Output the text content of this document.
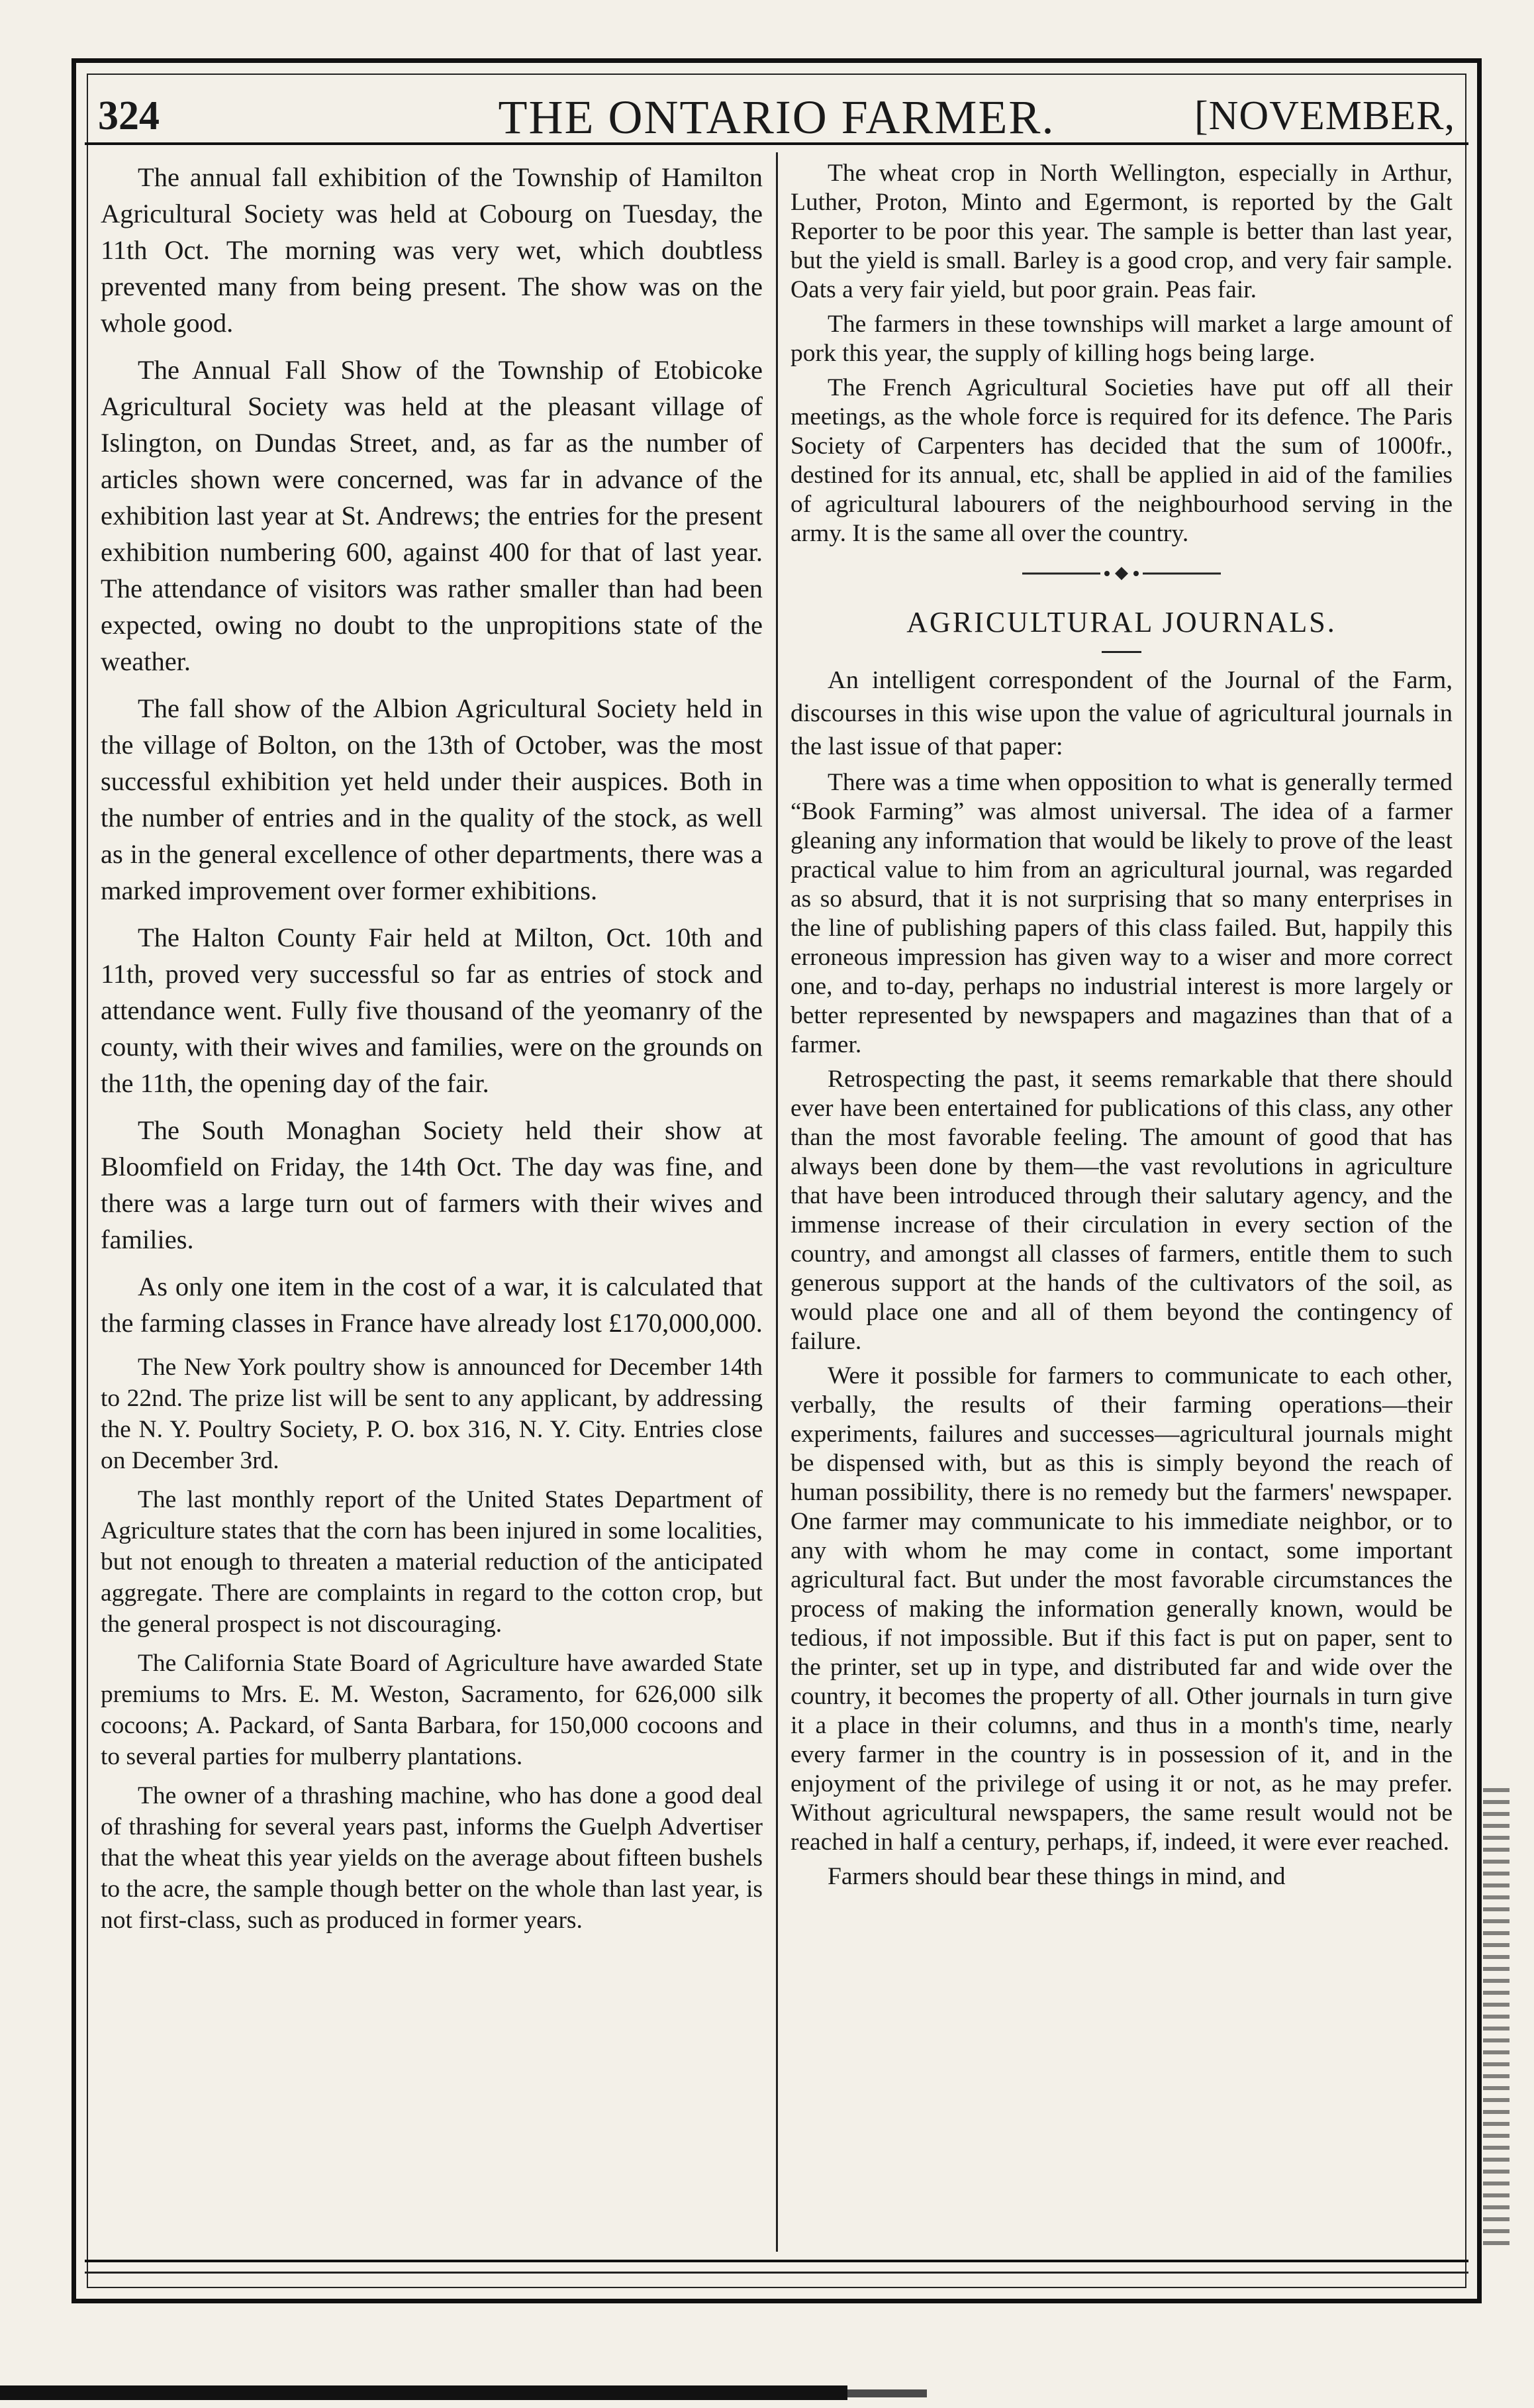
324	THE ONTARIO FARMER.	[NOVEMBER,

The annual fall exhibition of the Township of Hamilton Agricultural Society was held at Cobourg on Tuesday, the 11th Oct. The morning was very wet, which doubtless prevented many from being present. The show was on the whole good.

The Annual Fall Show of the Township of Etobicoke Agricultural Society was held at the pleasant village of Islington, on Dundas Street, and, as far as the number of articles shown were concerned, was far in advance of the exhibition last year at St. Andrews; the entries for the present exhibition numbering 600, against 400 for that of last year. The attendance of visitors was rather smaller than had been expected, owing no doubt to the unpropitions state of the weather.

The fall show of the Albion Agricultural Society held in the village of Bolton, on the 13th of October, was the most successful exhibition yet held under their auspices. Both in the number of entries and in the quality of the stock, as well as in the general excellence of other departments, there was a marked improvement over former exhibitions.

The Halton County Fair held at Milton, Oct. 10th and 11th, proved very successful so far as entries of stock and attendance went. Fully five thousand of the yeomanry of the county, with their wives and families, were on the grounds on the 11th, the opening day of the fair.

The South Monaghan Society held their show at Bloomfield on Friday, the 14th Oct. The day was fine, and there was a large turn out of farmers with their wives and families.

As only one item in the cost of a war, it is calculated that the farming classes in France have already lost £170,000,000.

The New York poultry show is announced for December 14th to 22nd. The prize list will be sent to any applicant, by addressing the N. Y. Poultry Society, P. O. box 316, N. Y. City. Entries close on December 3rd.

The last monthly report of the United States Department of Agriculture states that the corn has been injured in some localities, but not enough to threaten a material reduction of the anticipated aggregate. There are complaints in regard to the cotton crop, but the general prospect is not discouraging.

The California State Board of Agriculture have awarded State premiums to Mrs. E. M. Weston, Sacramento, for 626,000 silk cocoons; A. Packard, of Santa Barbara, for 150,000 cocoons and to several parties for mulberry plantations.

The owner of a thrashing machine, who has done a good deal of thrashing for several years past, informs the Guelph Advertiser that the wheat this year yields on the average about fifteen bushels to the acre, the sample though better on the whole than last year, is not first-class, such as produced in former years.

The wheat crop in North Wellington, especially in Arthur, Luther, Proton, Minto and Egermont, is reported by the Galt Reporter to be poor this year. The sample is better than last year, but the yield is small. Barley is a good crop, and very fair sample. Oats a very fair yield, but poor grain. Peas fair.

The farmers in these townships will market a large amount of pork this year, the supply of killing hogs being large.

The French Agricultural Societies have put off all their meetings, as the whole force is required for its defence. The Paris Society of Carpenters has decided that the sum of 1000fr., destined for its annual, etc, shall be applied in aid of the families of agricultural labourers of the neighbourhood serving in the army. It is the same all over the country.

AGRICULTURAL JOURNALS.

An intelligent correspondent of the Journal of the Farm, discourses in this wise upon the value of agricultural journals in the last issue of that paper:

There was a time when opposition to what is generally termed “Book Farming” was almost universal. The idea of a farmer gleaning any information that would be likely to prove of the least practical value to him from an agricultural journal, was regarded as so absurd, that it is not surprising that so many enterprises in the line of publishing papers of this class failed. But, happily this erroneous impression has given way to a wiser and more correct one, and to-day, perhaps no industrial interest is more largely or better represented by newspapers and magazines than that of a farmer.

Retrospecting the past, it seems remarkable that there should ever have been entertained for publications of this class, any other than the most favorable feeling. The amount of good that has always been done by them—the vast revolutions in agriculture that have been introduced through their salutary agency, and the immense increase of their circulation in every section of the country, and amongst all classes of farmers, entitle them to such generous support at the hands of the cultivators of the soil, as would place one and all of them beyond the contingency of failure.

Were it possible for farmers to communicate to each other, verbally, the results of their farming operations—their experiments, failures and successes—agricultural journals might be dispensed with, but as this is simply beyond the reach of human possibility, there is no remedy but the farmers' newspaper. One farmer may communicate to his immediate neighbor, or to any with whom he may come in contact, some important agricultural fact. But under the most favorable circumstances the process of making the information generally known, would be tedious, if not impossible. But if this fact is put on paper, sent to the printer, set up in type, and distributed far and wide over the country, it becomes the property of all. Other journals in turn give it a place in their columns, and thus in a month's time, nearly every farmer in the country is in possession of it, and in the enjoyment of the privilege of using it or not, as he may prefer. Without agricultural newspapers, the same result would not be reached in half a century, perhaps, if, indeed, it were ever reached.

Farmers should bear these things in mind, and
